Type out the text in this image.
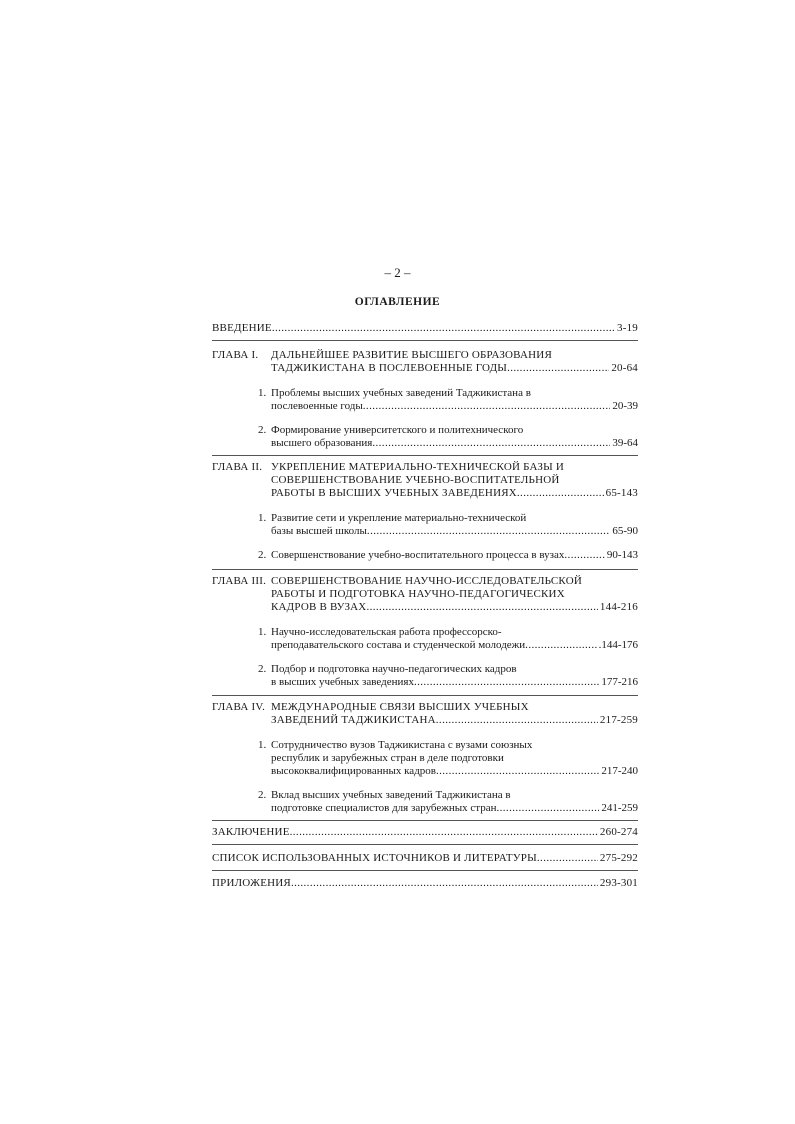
– 2 –
ОГЛАВЛЕНИЕ
ВВЕДЕНИЕ .....	3-19
ГЛАВА I. ДАЛЬНЕЙШЕЕ РАЗВИТИЕ ВЫСШЕГО ОБРАЗОВАНИЯ
ТАДЖИКИСТАНА В ПОСЛЕВОЕННЫЕ ГОДЫ .....	20-64
1. Проблемы высших учебных заведений Таджикистана в
послевоенные годы .....	20-39
2. Формирование университетского и политехнического
высшего образования .....	39-64
ГЛАВА II. УКРЕПЛЕНИЕ МАТЕРИАЛЬНО-ТЕХНИЧЕСКОЙ БАЗЫ И
СОВЕРШЕНСТВОВАНИЕ УЧЕБНО-ВОСПИТАТЕЛЬНОЙ
РАБОТЫ В ВЫСШИХ УЧЕБНЫХ ЗАВЕДЕНИЯХ .....	65-143
1. Развитие сети и укрепление материально-технической
базы высшей школы .....	65-90
2. Совершенствование учебно-воспитательного процесса в вузах .....	90-143
ГЛАВА III. СОВЕРШЕНСТВОВАНИЕ НАУЧНО-ИССЛЕДОВАТЕЛЬСКОЙ
РАБОТЫ И ПОДГОТОВКА НАУЧНО-ПЕДАГОГИЧЕСКИХ
КАДРОВ В ВУЗАХ .....	144-216
1. Научно-исследовательская работа профессорско-
преподавательского состава и студенческой молодежи .....	.144-176
2. Подбор и подготовка научно-педагогических кадров
в высших учебных заведениях .....	177-216
ГЛАВА IV. МЕЖДУНАРОДНЫЕ СВЯЗИ ВЫСШИХ УЧЕБНЫХ
ЗАВЕДЕНИЙ ТАДЖИКИСТАНА .....	217-259
1. Сотрудничество вузов Таджикистана с вузами союзных
республик и зарубежных стран в деле подготовки
высококвалифицированных кадров .....	217-240
2. Вклад высших учебных заведений Таджикистана в
подготовке специалистов для зарубежных стран .....	241-259
ЗАКЛЮЧЕНИЕ .....	260-274
СПИСОК ИСПОЛЬЗОВАННЫХ ИСТОЧНИКОВ И ЛИТЕРАТУРЫ .....	275-292
ПРИЛОЖЕНИЯ .....	293-301
